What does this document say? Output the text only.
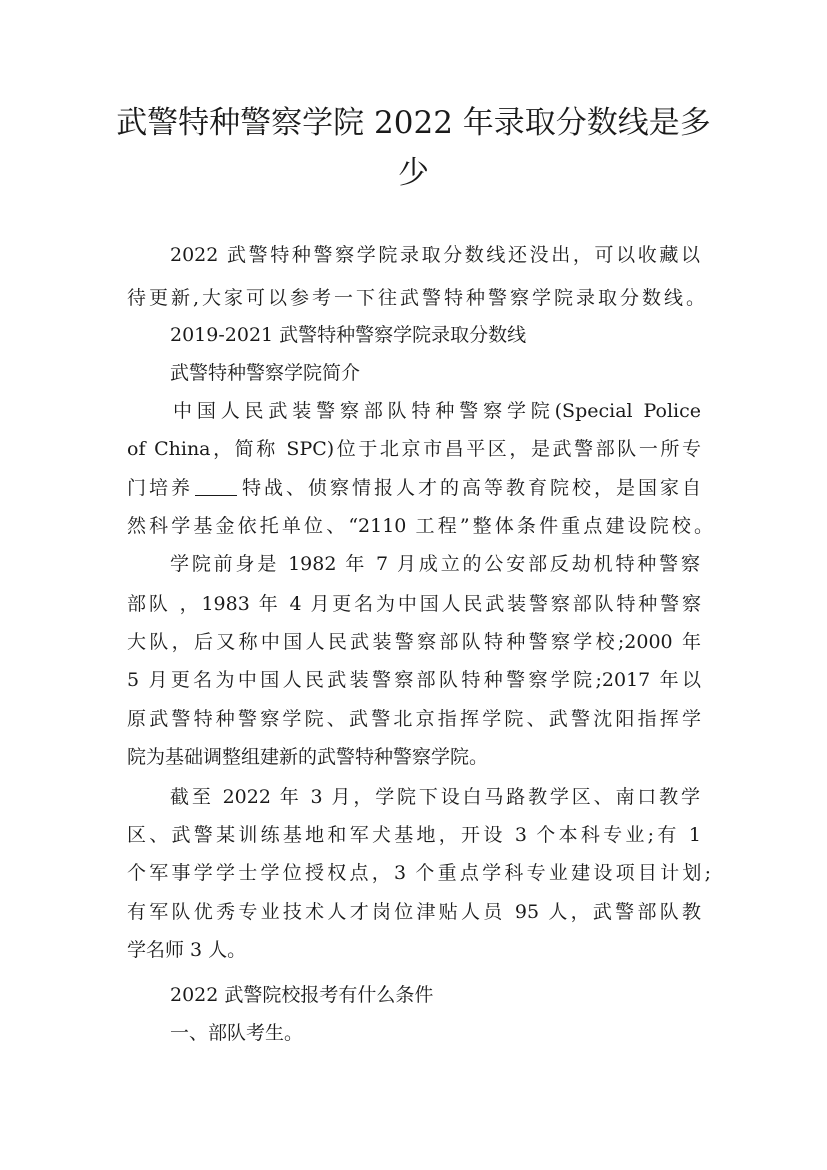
武警特种警察学院 2022 年录取分数线是多
少

2022 武警特种警察学院录取分数线还没出，可以收藏以

待更新,大家可以参考一下往武警特种警察学院录取分数线。

2019-2021 武警特种警察学院录取分数线

武警特种警察学院简介

中国人民武装警察部队特种警察学院(Special Police

of China，简称 SPC)位于北京市昌平区，是武警部队一所专

门培养 特战、侦察情报人才的高等教育院校，是国家自

然科学基金依托单位、“2110 工程”整体条件重点建设院校。

学院前身是 1982 年 7 月成立的公安部反劫机特种警察

部队 ，1983 年 4 月更名为中国人民武装警察部队特种警察

大队，后又称中国人民武装警察部队特种警察学校;2000 年

5 月更名为中国人民武装警察部队特种警察学院;2017 年以

原武警特种警察学院、武警北京指挥学院、武警沈阳指挥学

院为基础调整组建新的武警特种警察学院。

截至 2022 年 3 月，学院下设白马路教学区、南口教学

区、武警某训练基地和军犬基地，开设 3 个本科专业;有 1

个军事学学士学位授权点，3 个重点学科专业建设项目计划;

有军队优秀专业技术人才岗位津贴人员 95 人，武警部队教

学名师 3 人。

2022 武警院校报考有什么条件

一、部队考生。
